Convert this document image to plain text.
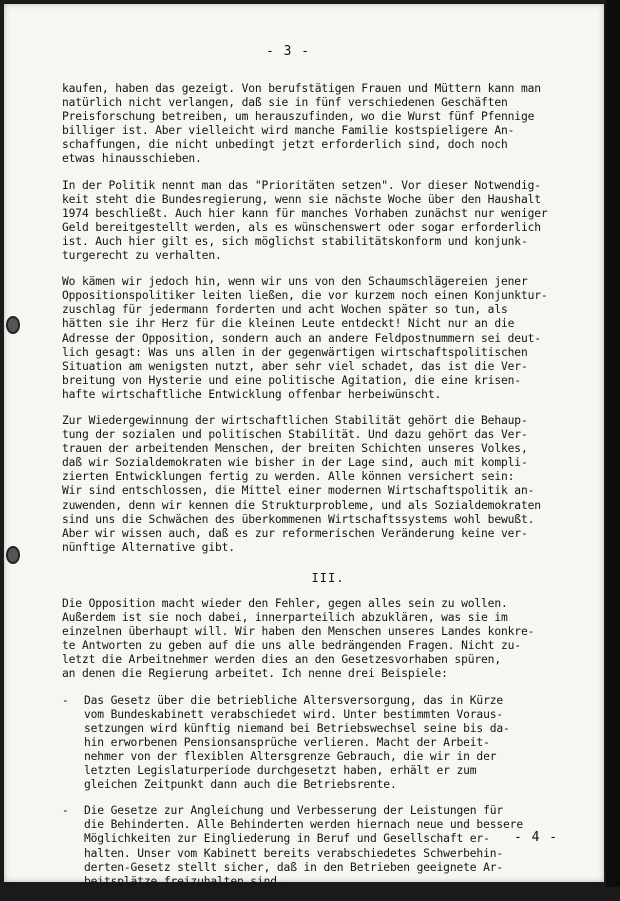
- 3 -

kaufen, haben das gezeigt. Von berufstätigen Frauen und Müttern kann man
natürlich nicht verlangen, daß sie in fünf verschiedenen Geschäften
Preisforschung betreiben, um herauszufinden, wo die Wurst fünf Pfennige
billiger ist. Aber vielleicht wird manche Familie kostspieligere An-
schaffungen, die nicht unbedingt jetzt erforderlich sind, doch noch
etwas hinausschieben.

In der Politik nennt man das "Prioritäten setzen". Vor dieser Notwendig-
keit steht die Bundesregierung, wenn sie nächste Woche über den Haushalt
1974 beschließt. Auch hier kann für manches Vorhaben zunächst nur weniger
Geld bereitgestellt werden, als es wünschenswert oder sogar erforderlich
ist. Auch hier gilt es, sich möglichst stabilitätskonform und konjunk-
turgerecht zu verhalten.

Wo kämen wir jedoch hin, wenn wir uns von den Schaumschlägereien jener
Oppositionspolitiker leiten ließen, die vor kurzem noch einen Konjunktur-
zuschlag für jedermann forderten und acht Wochen später so tun, als
hätten sie ihr Herz für die kleinen Leute entdeckt! Nicht nur an die
Adresse der Opposition, sondern auch an andere Feldpostnummern sei deut-
lich gesagt: Was uns allen in der gegenwärtigen wirtschaftspolitischen
Situation am wenigsten nutzt, aber sehr viel schadet, das ist die Ver-
breitung von Hysterie und eine politische Agitation, die eine krisen-
hafte wirtschaftliche Entwicklung offenbar herbeiwünscht.

Zur Wiedergewinnung der wirtschaftlichen Stabilität gehört die Behaup-
tung der sozialen und politischen Stabilität. Und dazu gehört das Ver-
trauen der arbeitenden Menschen, der breiten Schichten unseres Volkes,
daß wir Sozialdemokraten wie bisher in der Lage sind, auch mit kompli-
zierten Entwicklungen fertig zu werden. Alle können versichert sein:
Wir sind entschlossen, die Mittel einer modernen Wirtschaftspolitik an-
zuwenden, denn wir kennen die Strukturprobleme, und als Sozialdemokraten
sind uns die Schwächen des überkommenen Wirtschaftssystems wohl bewußt.
Aber wir wissen auch, daß es zur reformerischen Veränderung keine ver-
nünftige Alternative gibt.

III.

Die Opposition macht wieder den Fehler, gegen alles sein zu wollen.
Außerdem ist sie noch dabei, innerparteilich abzuklären, was sie im
einzelnen überhaupt will. Wir haben den Menschen unseres Landes konkre-
te Antworten zu geben auf die uns alle bedrängenden Fragen. Nicht zu-
letzt die Arbeitnehmer werden dies an den Gesetzesvorhaben spüren,
an denen die Regierung arbeitet. Ich nenne drei Beispiele:

-	Das Gesetz über die betriebliche Altersversorgung, das in Kürze
vom Bundeskabinett verabschiedet wird. Unter bestimmten Voraus-
setzungen wird künftig niemand bei Betriebswechsel seine bis da-
hin erworbenen Pensionsansprüche verlieren. Macht der Arbeit-
nehmer von der flexiblen Altersgrenze Gebrauch, die wir in der
letzten Legislaturperiode durchgesetzt haben, erhält er zum
gleichen Zeitpunkt dann auch die Betriebsrente.
-	Die Gesetze zur Angleichung und Verbesserung der Leistungen für
die Behinderten. Alle Behinderten werden hiernach neue und bessere
Möglichkeiten zur Eingliederung in Beruf und Gesellschaft er-
halten. Unser vom Kabinett bereits verabschiedetes Schwerbehin-
derten-Gesetz stellt sicher, daß in den Betrieben geeignete Ar-
beitsplätze freizuhalten sind.
- 4 -
